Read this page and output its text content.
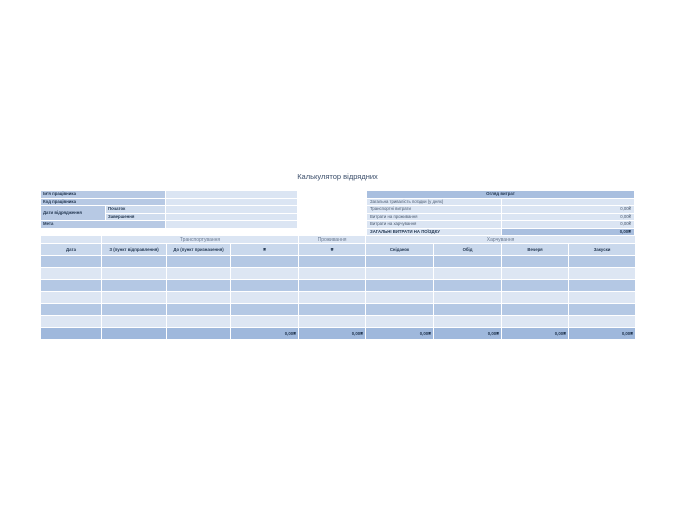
Калькулятор відрядних
Ім'я працівника		
Код працівника		
Дати відрядження	Початок	
	Завершення	
Мета		
Огляд витрат	
Загальна тривалість поїздки (у днях)	
Транспортні витрати	0,00₴
Витрати на проживання	0,00₴
Витрати на харчування	0,00₴
ЗАГАЛЬНІ ВИТРАТИ НА ПОЇЗДКУ	0,00₴
	Транспортування			Проживання	Харчування			
Дата	З (пункт відправлення)	До (пункт призначення)	₴	₴	Сніданок	Обід	Вечеря	Закуски

			0,00₴	0,00₴	0,00₴	0,00₴	0,00₴	0,00₴
